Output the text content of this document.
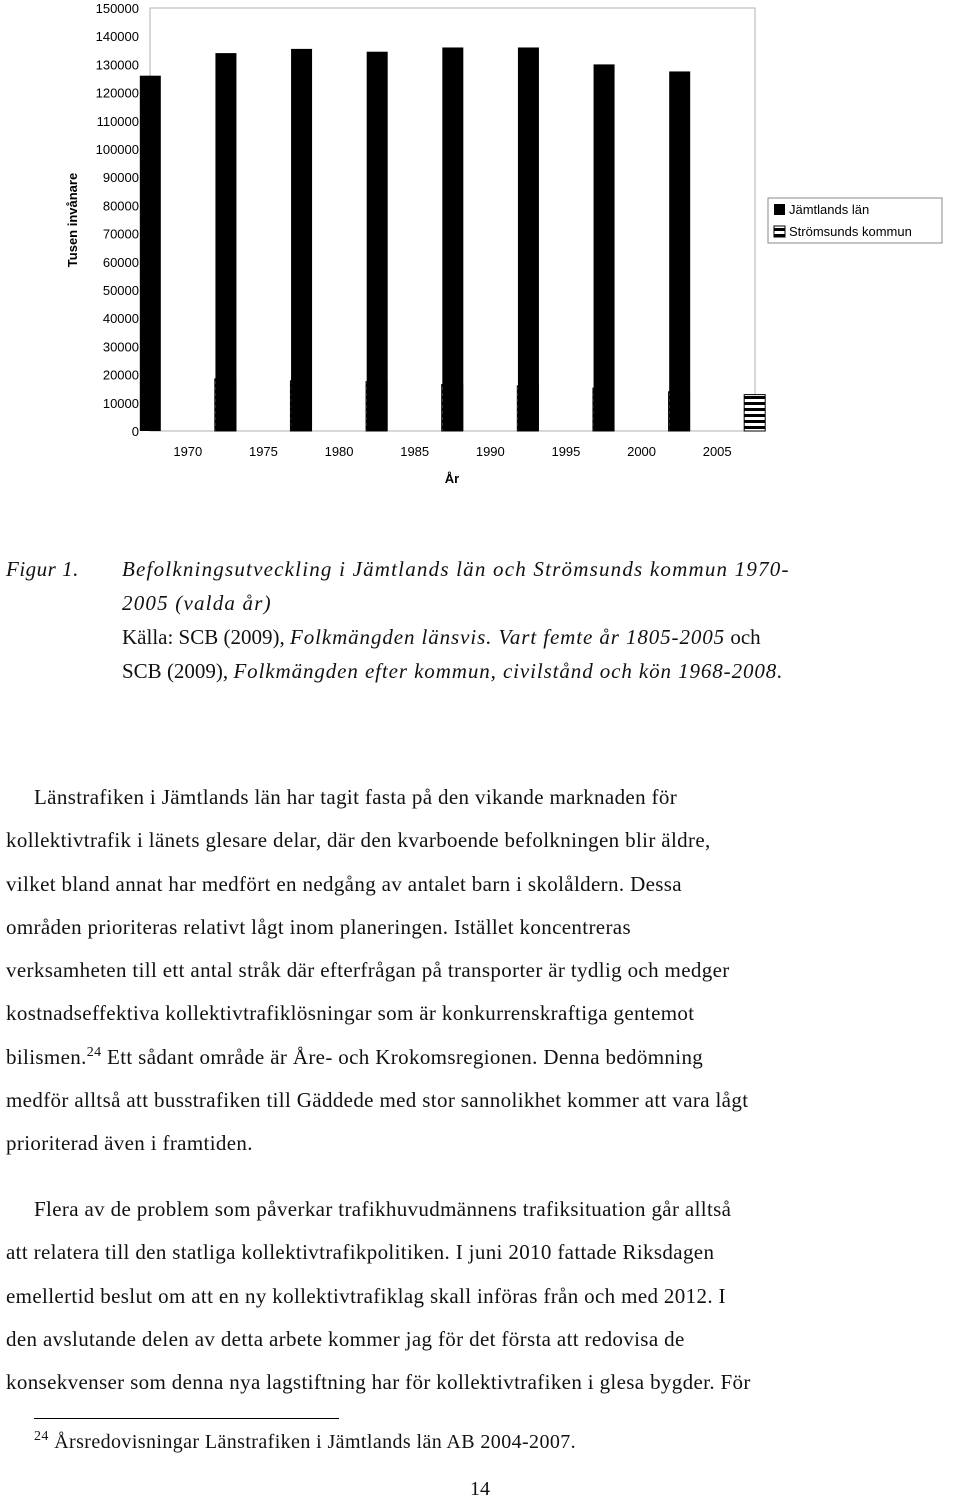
0
10000
20000
30000
40000
50000
60000
70000
80000
90000
100000
110000
120000
130000
140000
150000
1970	1975	1980	1985	1990	1995	2000	2005
Tusen invånare
År
Jämtlands län
Strömsunds kommun
Figur 1. Befolkningsutveckling i Jämtlands län och Strömsunds kommun 1970-
2005 (valda år)
Källa: SCB (2009), Folkmängden länsvis. Vart femte år 1805-2005 och
SCB (2009), Folkmängden efter kommun, civilstånd och kön 1968-2008.
Länstrafiken i Jämtlands län har tagit fasta på den vikande marknaden för
kollektivtrafik i länets glesare delar, där den kvarboende befolkningen blir äldre,
vilket bland annat har medfört en nedgång av antalet barn i skolåldern. Dessa
områden prioriteras relativt lågt inom planeringen. Istället koncentreras
verksamheten till ett antal stråk där efterfrågan på transporter är tydlig och medger
kostnadseffektiva kollektivtrafiklösningar som är konkurrenskraftiga gentemot
bilismen.$^{24}$ Ett sådant område är Åre- och Krokomsregionen. Denna bedömning
medför alltså att busstrafiken till Gäddede med stor sannolikhet kommer att vara lågt
prioriterad även i framtiden.
Flera av de problem som påverkar trafikhuvudmännens trafiksituation går alltså
att relatera till den statliga kollektivtrafikpolitiken. I juni 2010 fattade Riksdagen
emellertid beslut om att en ny kollektivtrafiklag skall införas från och med 2012. I
den avslutande delen av detta arbete kommer jag för det första att redovisa de
konsekvenser som denna nya lagstiftning har för kollektivtrafiken i glesa bygder. För
$^{24}$ Årsredovisningar Länstrafiken i Jämtlands län AB 2004-2007.
14
